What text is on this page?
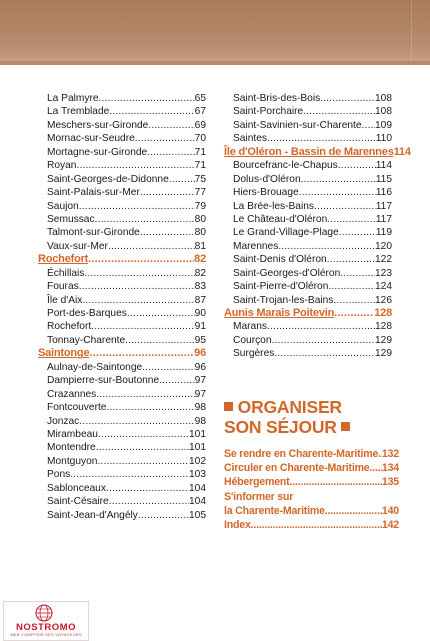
La Palmyre .....	65
La Tremblade .....	67
Meschers-sur-Gironde .....	69
Mornac-sur-Seudre .....	70
Mortagne-sur-Gironde .....	71
Royan .....	71
Saint-Georges-de-Didonne .....	75
Saint-Palais-sur-Mer .....	77
Saujon .....	79
Semussac .....	80
Talmont-sur-Gironde .....	80
Vaux-sur-Mer .....	81
Rochefort .....	82
Échillais .....	82
Fouras .....	83
Île d'Aix .....	87
Port-des-Barques .....	90
Rochefort .....	91
Tonnay-Charente .....	95
Saintonge .....	96
Aulnay-de-Saintonge .....	96
Dampierre-sur-Boutonne .....	97
Crazannes .....	97
Fontcouverte .....	98
Jonzac .....	98
Mirambeau .....	101
Montendre .....	101
Montguyon .....	102
Pons .....	103
Sablonceaux .....	104
Saint-Césaire .....	104
Saint-Jean-d'Angély .....	105
Saint-Bris-des-Bois .....	108
Saint-Porchaire .....	108
Saint-Savinien-sur-Charente ..... 109
Saintes .....	110
Île d'Oléron - Bassin de Marennes 114
Bourcefranc-le-Chapus .....	114
Dolus-d'Oléron .....	115
Hiers-Brouage .....	116
La Brée-les-Bains .....	117
Le Château-d'Oléron .....	117
Le Grand-Village-Plage .....	119
Marennes .....	120
Saint-Denis d'Oléron .....	122
Saint-Georges-d'Oléron .....	123
Saint-Pierre-d'Oléron .....	124
Saint-Trojan-les-Bains .....	126
Aunis Marais Poitevin .....	128
Marans .....	128
Courçon .....	129
Surgères .....	129
ORGANISER
SON SÉJOUR
Se rendre en Charente-Maritime ..... 132
Circuler en Charente-Maritime ..... 134
Hébergement .....	135
S'informer sur
la Charente-Maritime .....	140
Index .....	142
NOSTROMO
WEB COMPTOIR DES VOYAGEURS
